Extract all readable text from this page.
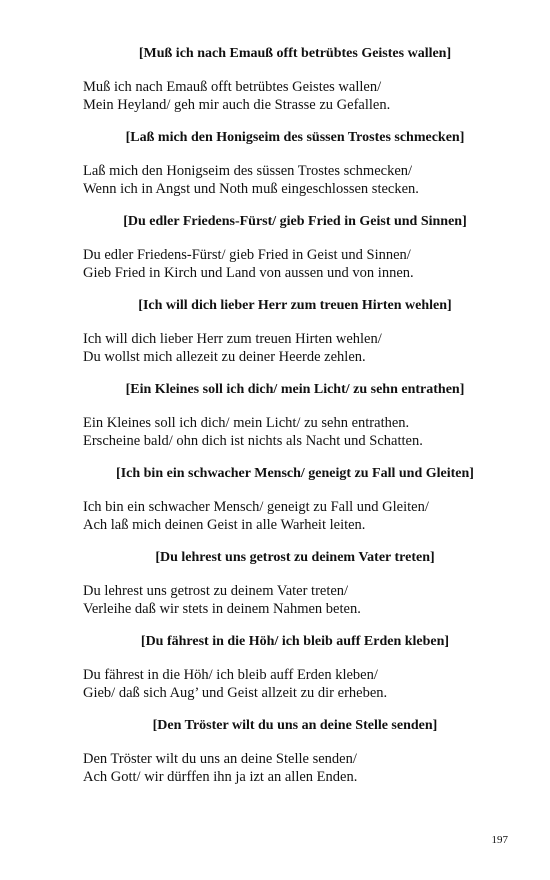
[Muß ich nach Emauß offt betrübtes Geistes wallen]
Muß ich nach Emauß offt betrübtes Geistes wallen/
Mein Heyland/ geh mir auch die Strasse zu Gefallen.
[Laß mich den Honigseim des süssen Trostes schmecken]
Laß mich den Honigseim des süssen Trostes schmecken/
Wenn ich in Angst und Noth muß eingeschlossen stecken.
[Du edler Friedens-Fürst/ gieb Fried in Geist und Sinnen]
Du edler Friedens-Fürst/ gieb Fried in Geist und Sinnen/
Gieb Fried in Kirch und Land von aussen und von innen.
[Ich will dich lieber Herr zum treuen Hirten wehlen]
Ich will dich lieber Herr zum treuen Hirten wehlen/
Du wollst mich allezeit zu deiner Heerde zehlen.
[Ein Kleines soll ich dich/ mein Licht/ zu sehn entrathen]
Ein Kleines soll ich dich/ mein Licht/ zu sehn entrathen.
Erscheine bald/ ohn dich ist nichts als Nacht und Schatten.
[Ich bin ein schwacher Mensch/ geneigt zu Fall und Gleiten]
Ich bin ein schwacher Mensch/ geneigt zu Fall und Gleiten/
Ach laß mich deinen Geist in alle Warheit leiten.
[Du lehrest uns getrost zu deinem Vater treten]
Du lehrest uns getrost zu deinem Vater treten/
Verleihe daß wir stets in deinem Nahmen beten.
[Du fährest in die Höh/ ich bleib auff Erden kleben]
Du fährest in die Höh/ ich bleib auff Erden kleben/
Gieb/ daß sich Aug’ und Geist allzeit zu dir erheben.
[Den Tröster wilt du uns an deine Stelle senden]
Den Tröster wilt du uns an deine Stelle senden/
Ach Gott/ wir dürffen ihn ja izt an allen Enden.
197
